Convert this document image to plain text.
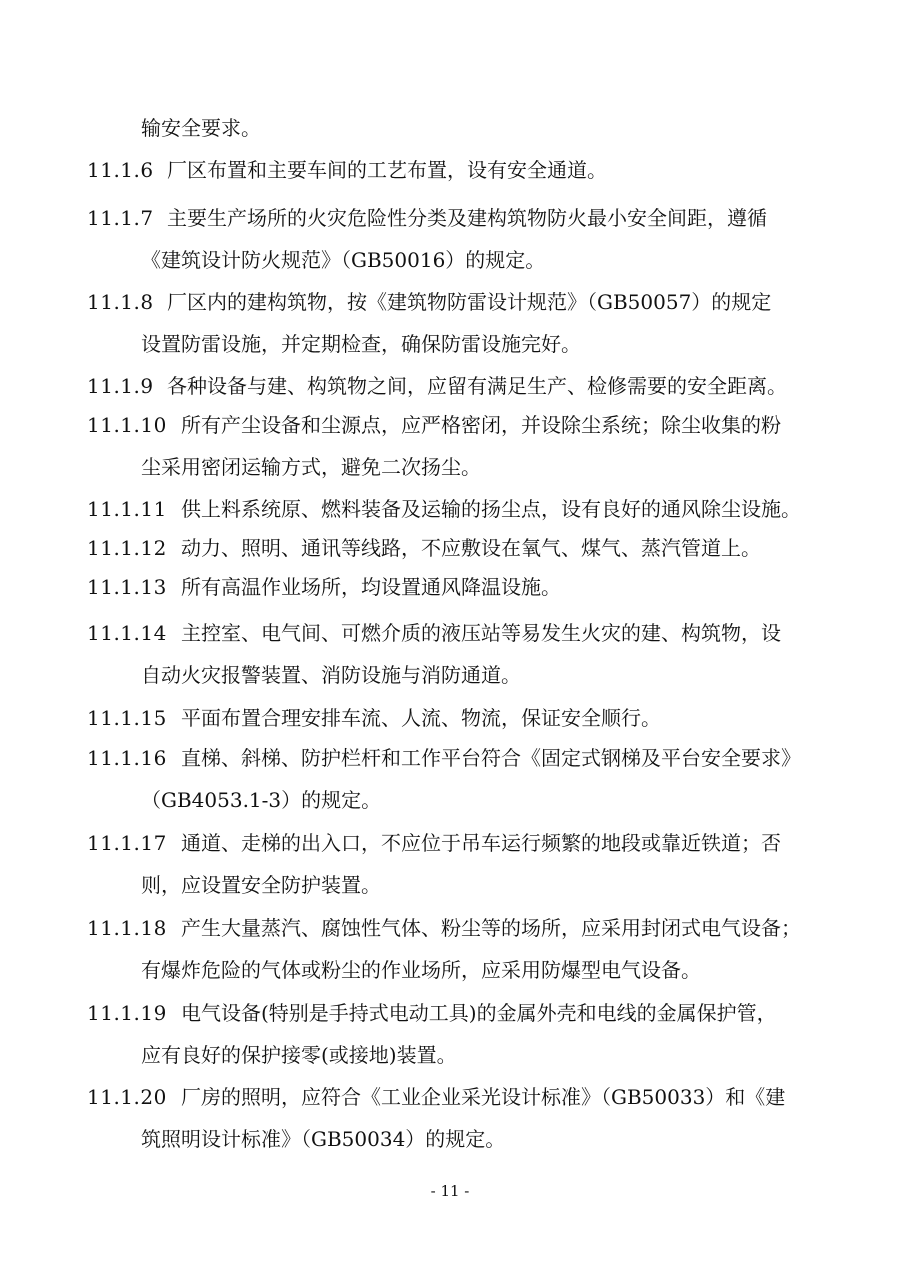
输安全要求。
11.1.6 厂区布置和主要车间的工艺布置，设有安全通道。
11.1.7 主要生产场所的火灾危险性分类及建构筑物防火最小安全间距，遵循
《建筑设计防火规范》（GB50016）的规定。
11.1.8 厂区内的建构筑物，按《建筑物防雷设计规范》（GB50057）的规定
设置防雷设施，并定期检查，确保防雷设施完好。
11.1.9 各种设备与建、构筑物之间，应留有满足生产、检修需要的安全距离。
11.1.10 所有产尘设备和尘源点，应严格密闭，并设除尘系统；除尘收集的粉
尘采用密闭运输方式，避免二次扬尘。
11.1.11 供上料系统原、燃料装备及运输的扬尘点，设有良好的通风除尘设施。
11.1.12 动力、照明、通讯等线路，不应敷设在氧气、煤气、蒸汽管道上。
11.1.13 所有高温作业场所，均设置通风降温设施。
11.1.14 主控室、电气间、可燃介质的液压站等易发生火灾的建、构筑物，设
自动火灾报警装置、消防设施与消防通道。
11.1.15 平面布置合理安排车流、人流、物流，保证安全顺行。
11.1.16 直梯、斜梯、防护栏杆和工作平台符合《固定式钢梯及平台安全要求》
（GB4053.1-3）的规定。
11.1.17 通道、走梯的出入口，不应位于吊车运行频繁的地段或靠近铁道；否
则，应设置安全防护装置。
11.1.18 产生大量蒸汽、腐蚀性气体、粉尘等的场所，应采用封闭式电气设备；
有爆炸危险的气体或粉尘的作业场所，应采用防爆型电气设备。
11.1.19 电气设备(特别是手持式电动工具)的金属外壳和电线的金属保护管，
应有良好的保护接零(或接地)装置。
11.1.20 厂房的照明，应符合《工业企业采光设计标准》（GB50033）和《建
筑照明设计标准》（GB50034）的规定。
- 11 -
